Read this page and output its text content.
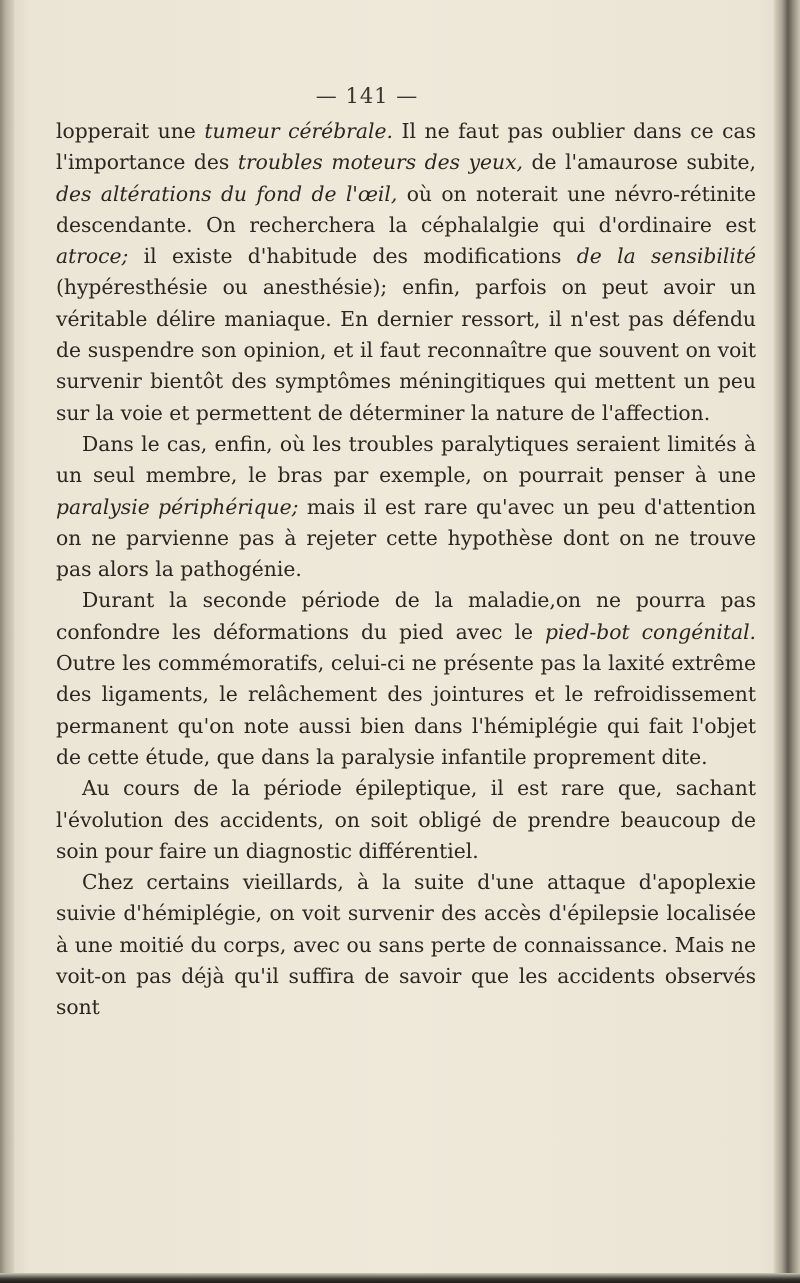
— 141 —

lopperait une tumeur cérébrale. Il ne faut pas oublier dans ce cas l'importance des troubles moteurs des yeux, de l'amaurose subite, des altérations du fond de l'œil, où on noterait une névro-rétinite descendante. On recherchera la céphalalgie qui d'ordinaire est atroce; il existe d'habitude des modifications de la sensibilité (hypéresthésie ou anesthésie); enfin, parfois on peut avoir un véritable délire maniaque. En dernier ressort, il n'est pas défendu de suspendre son opinion, et il faut reconnaître que souvent on voit survenir bientôt des symptômes méningitiques qui mettent un peu sur la voie et permettent de déterminer la nature de l'affection.

Dans le cas, enfin, où les troubles paralytiques seraient limités à un seul membre, le bras par exemple, on pourrait penser à une paralysie périphérique; mais il est rare qu'avec un peu d'attention on ne parvienne pas à rejeter cette hypothèse dont on ne trouve pas alors la pathogénie.

Durant la seconde période de la maladie,on ne pourra pas confondre les déformations du pied avec le pied-bot congénital. Outre les commémoratifs, celui-ci ne présente pas la laxité extrême des ligaments, le relâchement des jointures et le refroidissement permanent qu'on note aussi bien dans l'hémiplégie qui fait l'objet de cette étude, que dans la paralysie infantile proprement dite.

Au cours de la période épileptique, il est rare que, sachant l'évolution des accidents, on soit obligé de prendre beaucoup de soin pour faire un diagnostic différentiel.

Chez certains vieillards, à la suite d'une attaque d'apoplexie suivie d'hémiplégie, on voit survenir des accès d'épilepsie localisée à une moitié du corps, avec ou sans perte de connaissance. Mais ne voit-on pas déjà qu'il suffira de savoir que les accidents observés sont
